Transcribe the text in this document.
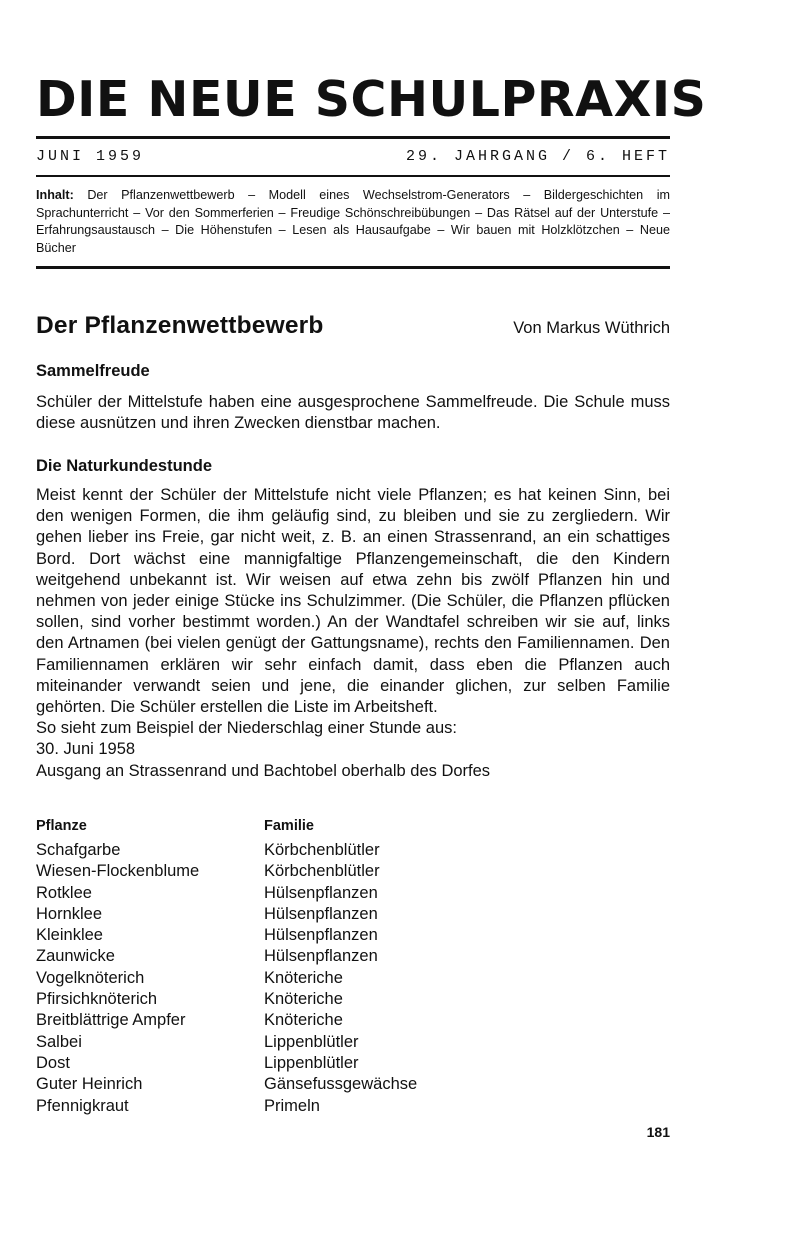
DIE NEUE SCHULPRAXIS
JUNI 1959	29. JAHRGANG / 6. HEFT
Inhalt: Der Pflanzenwettbewerb – Modell eines Wechselstrom-Generators – Bildergeschichten im Sprachunterricht – Vor den Sommerferien – Freudige Schönschreibübungen – Das Rätsel auf der Unterstufe – Erfahrungsaustausch – Die Höhenstufen – Lesen als Hausaufgabe – Wir bauen mit Holzklötzchen – Neue Bücher
Der Pflanzenwettbewerb	Von Markus Wüthrich
Sammelfreude
Schüler der Mittelstufe haben eine ausgesprochene Sammelfreude. Die Schule muss diese ausnützen und ihren Zwecken dienstbar machen.
Die Naturkundestunde
Meist kennt der Schüler der Mittelstufe nicht viele Pflanzen; es hat keinen Sinn, bei den wenigen Formen, die ihm geläufig sind, zu bleiben und sie zu zergliedern. Wir gehen lieber ins Freie, gar nicht weit, z. B. an einen Strassenrand, an ein schattiges Bord. Dort wächst eine mannigfaltige Pflanzengemeinschaft, die den Kindern weitgehend unbekannt ist. Wir weisen auf etwa zehn bis zwölf Pflanzen hin und nehmen von jeder einige Stücke ins Schulzimmer. (Die Schüler, die Pflanzen pflücken sollen, sind vorher bestimmt worden.) An der Wandtafel schreiben wir sie auf, links den Artnamen (bei vielen genügt der Gattungsname), rechts den Familiennamen. Den Familiennamen erklären wir sehr einfach damit, dass eben die Pflanzen auch miteinander verwandt seien und jene, die einander glichen, zur selben Familie gehörten. Die Schüler erstellen die Liste im Arbeitsheft.
So sieht zum Beispiel der Niederschlag einer Stunde aus:
30. Juni 1958
Ausgang an Strassenrand und Bachtobel oberhalb des Dorfes
Pflanze	Familie
Schafgarbe	Körbchenblütler
Wiesen-Flockenblume	Körbchenblütler
Rotklee	Hülsenpflanzen
Hornklee	Hülsenpflanzen
Kleinklee	Hülsenpflanzen
Zaunwicke	Hülsenpflanzen
Vogelknöterich	Knöteriche
Pfirsichknöterich	Knöteriche
Breitblättrige Ampfer	Knöteriche
Salbei	Lippenblütler
Dost	Lippenblütler
Guter Heinrich	Gänsefussgewächse
Pfennigkraut	Primeln
181
